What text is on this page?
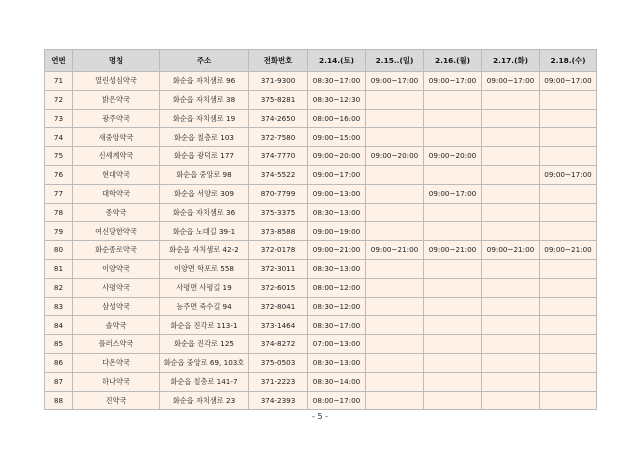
연번	명칭	주소	전화번호	2.14.(토)	2.15..(일)	2.16.(월)	2.17.(화)	2.18.(수)
71	열린성심약국	화순읍 자치샘로 96	371-9300	08:30~17:00	09:00~17:00	09:00~17:00	09:00~17:00	09:00~17:00
72	밝은약국	화순읍 자치샘로 38	375-8281	08:30~12:30				
73	광주약국	화순읍 자치샘로 19	374-2650	08:00~16:00				
74	새중앙약국	화순읍 칠층로 103	372-7580	09:00~15:00				
75	신세계약국	화순읍 광덕로 177	374-7770	09:00~20:00	09:00~20:00	09:00~20:00		
76	현대약국	화순읍 중앙로 98	374-5522	09:00~17:00				09:00~17:00
77	대학약국	화순읍 서양로 309	870-7799	09:00~13:00		09:00~17:00		
78	종약국	화순읍 자치샘로 36	375-3375	08:30~13:00				
79	여신당한약국	화순읍 노대길 39-1	373-8588	09:00~19:00				
80	화순종로약국	화순읍 자치샘로 42-2	372-0178	09:00~21:00	09:00~21:00	09:00~21:00	09:00~21:00	09:00~21:00
81	이양약국	이양면 학포로 558	372-3011	08:30~13:00				
82	사평약국	사평면 사평길 19	372-6015	08:00~12:00				
83	삼성약국	능주면 죽수길 94	372-8041	08:30~12:00				
84	솔약국	화순읍 진각로 113-1	373-1464	08:30~17:00				
85	플러스약국	화순읍 진각로 125	374-8272	07:00~13:00				
86	다온약국	화순읍 중앙로 69, 103호	375-0503	08:30~13:00				
87	하나약국	화순읍 칠층로 141-7	371-2223	08:30~14:00				
88	진약국	화순읍 자치샘로 23	374-2393	08:00~17:00				
- 5 -
